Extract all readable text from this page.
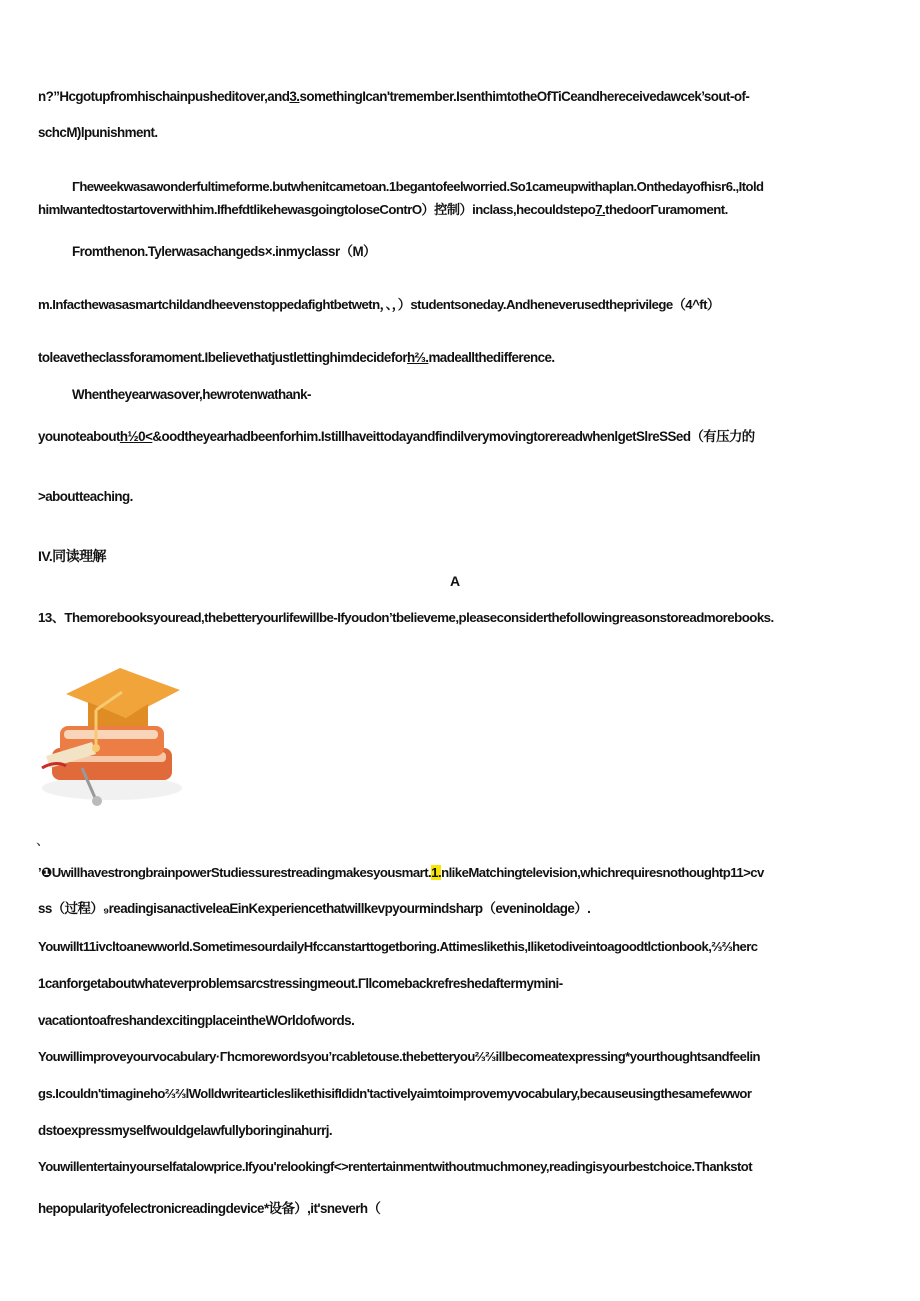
n?”Hcgotupfromhischainpusheditover,and3.somethingIcan'tremember.IsenthimtotheOfTiCeandhereceivedawcek’sout-of-
schcM)lpunishment.
Γheweekwasawonderfultimeforme.butwhenitcametoan.1begantofeelworried.So1cameupwithaplan.Onthedayofhisr6.,Itold
himIwantedtostartoverwithhim.IfhefdtlikehewasgoingtoloseContrO）控制）inclass,hecouldstepo7.thedoorΓuramoment.
Fromthenon.Tylerwasachangeds×.inmyclassr（M）
m.Infacthewasasmartchildandheevenstoppedafightbetwetn，、，）studentsoneday.Andheneverusedtheprivilege（4^ft）
toleavetheclassforamoment.Ibelievethatjustlettinghimdecideforh⅔.madeallthedifference.
Whentheyearwasover,hewrotenwathank-
younoteabouth½0<&oodtheyearhadbeenforhim.IstillhaveittodayandfindilverymovingtorereadwhenlgetSlreSSed（有压力的
>aboutteaching.
IV.同读理解
A
13、Themorebooksyouread,thebetteryourlifewillbe-Ifyoudon’tbelieveme,pleaseconsiderthefollowingreasonstoreadmorebooks.
、
’❶UwillhavestrongbrainpowerStudiessurestreadingmakesyousmart.1.nlikeMatchingtelevision,whichrequiresnothoughtp11>cv
ss（过程）₉readingisanactiveleaEinKexperiencethatwillkevpyourmindsharp（eveninoldage）.
Youwillt11ivcltoanewworld.SometimesourdailyHfccanstarttogetboring.Attimeslikethis,Iliketodiveintoagoodtlctionbook,⅔⅔herc
1canforgetaboutwhateverproblemsarcstressingmeout.Γllcomebackrefreshedaftermymini-
vacationtoafreshandexcitingplaceintheWOrldofwords.
Youwillimproveyourvocabulary·Γhcmorewordsyou’rcabletouse.thebetteryou⅔⅔illbecomeatexpressing*yourthoughtsandfeelin
gs.Icouldn'timagineho⅔⅔lWolldwritearticleslikethisifIdidn'tactivelyaimtoimprovemyvocabulary,becauseusingthesamefewwor
dstoexpressmyselfwouldgelawfullyboringinahurrj.
Youwillentertainyourselfatalowprice.Ifyou'relookingf<>rentertainmentwithoutmuchmoney,readingisyourbestchoice.Thankstot
hepopularityofelectronicreadingdevice*设备）,it'sneverh（
